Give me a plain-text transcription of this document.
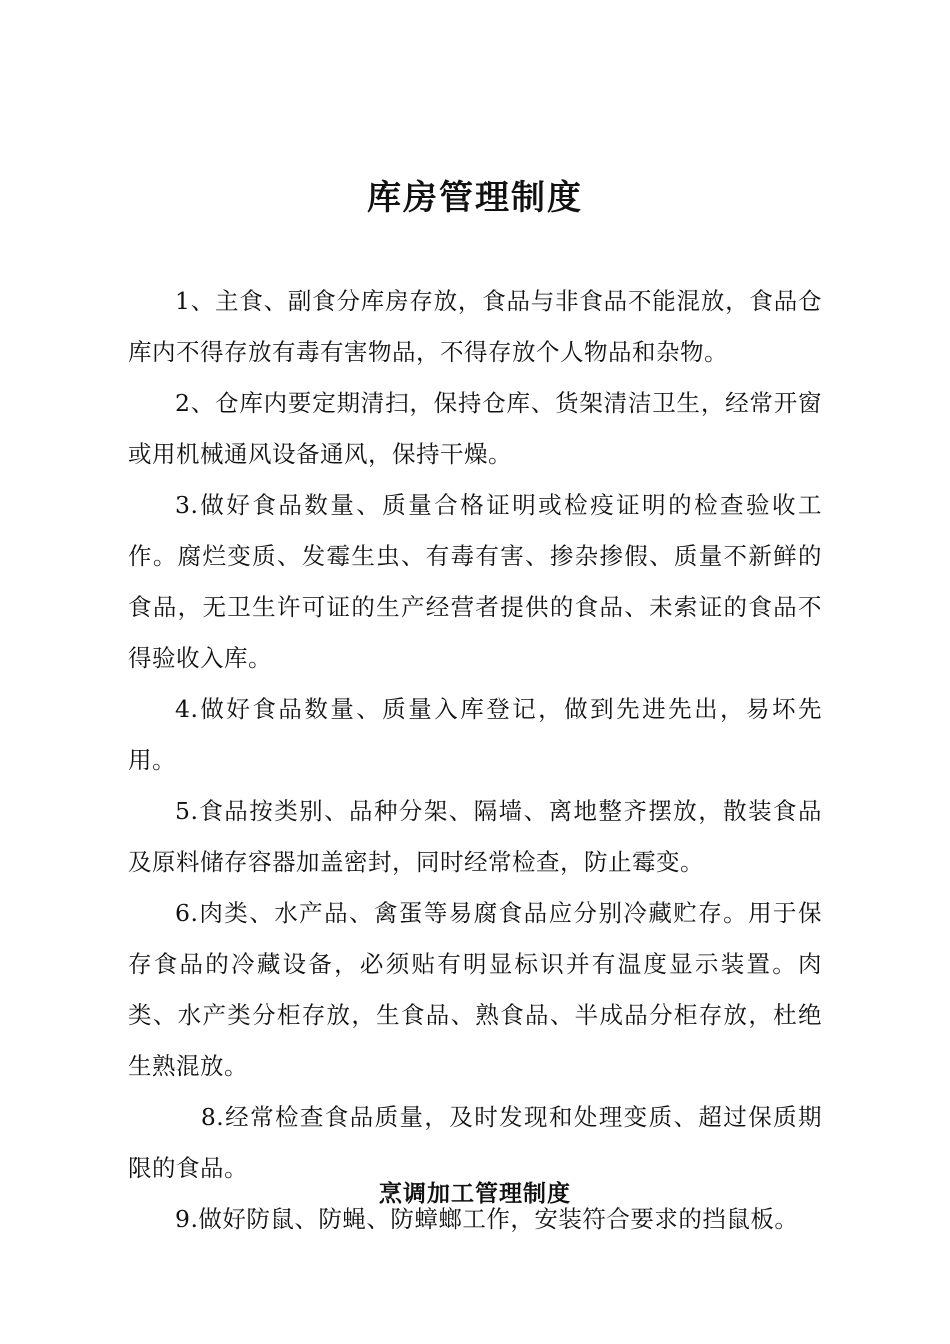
库房管理制度

1、主食、副食分库房存放，食品与非食品不能混放，食品仓库内不得存放有毒有害物品，不得存放个人物品和杂物。

2、仓库内要定期清扫，保持仓库、货架清洁卫生，经常开窗或用机械通风设备通风，保持干燥。

3.做好食品数量、质量合格证明或检疫证明的检查验收工作。腐烂变质、发霉生虫、有毒有害、掺杂掺假、质量不新鲜的食品，无卫生许可证的生产经营者提供的食品、未索证的食品不得验收入库。

4.做好食品数量、质量入库登记，做到先进先出，易坏先用。

5.食品按类别、品种分架、隔墙、离地整齐摆放，散装食品及原料储存容器加盖密封，同时经常检查，防止霉变。

6.肉类、水产品、禽蛋等易腐食品应分别冷藏贮存。用于保存食品的冷藏设备，必须贴有明显标识并有温度显示装置。肉类、水产类分柜存放，生食品、熟食品、半成品分柜存放，杜绝生熟混放。

8.经常检查食品质量，及时发现和处理变质、超过保质期限的食品。

9.做好防鼠、防蝇、防蟑螂工作，安装符合要求的挡鼠板。

烹调加工管理制度
